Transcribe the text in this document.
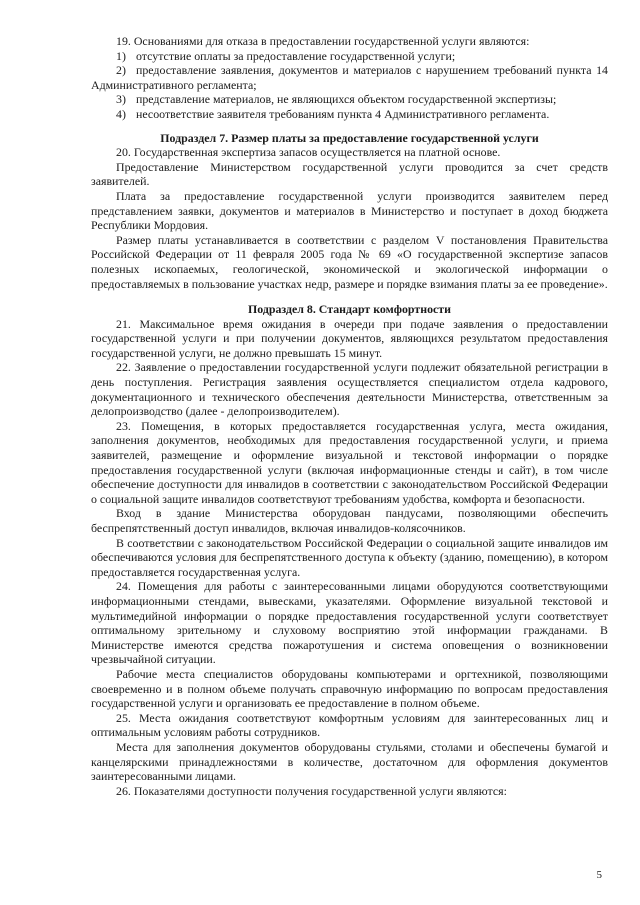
19. Основаниями для отказа в предоставлении государственной услуги являются:

1) отсутствие оплаты за предоставление государственной услуги;

2) предоставление заявления, документов и материалов с нарушением требований пункта 14 Административного регламента;

3) представление материалов, не являющихся объектом государственной экспертизы;

4) несоответствие заявителя требованиям пункта 4 Административного регламента.

Подраздел 7. Размер платы за предоставление государственной услуги

20. Государственная экспертиза запасов осуществляется на платной основе.

Предоставление Министерством государственной услуги проводится за счет средств заявителей.

Плата за предоставление государственной услуги производится заявителем перед представлением заявки, документов и материалов в Министерство и поступает в доход бюджета Республики Мордовия.

Размер платы устанавливается в соответствии с разделом V постановления Правительства Российской Федерации от 11 февраля 2005 года № 69 «О государственной экспертизе запасов полезных ископаемых, геологической, экономической и экологической информации о предоставляемых в пользование участках недр, размере и порядке взимания платы за ее проведение».

Подраздел 8. Стандарт комфортности

21. Максимальное время ожидания в очереди при подаче заявления о предоставлении государственной услуги и при получении документов, являющихся результатом предоставления государственной услуги, не должно превышать 15 минут.

22. Заявление о предоставлении государственной услуги подлежит обязательной регистрации в день поступления. Регистрация заявления осуществляется специалистом отдела кадрового, документационного и технического обеспечения деятельности Министерства, ответственным за делопроизводство (далее - делопроизводителем).

23. Помещения, в которых предоставляется государственная услуга, места ожидания, заполнения документов, необходимых для предоставления государственной услуги, и приема заявителей, размещение и оформление визуальной и текстовой информации о порядке предоставления государственной услуги (включая информационные стенды и сайт), в том числе обеспечение доступности для инвалидов в соответствии с законодательством Российской Федерации о социальной защите инвалидов соответствуют требованиям удобства, комфорта и безопасности.

Вход в здание Министерства оборудован пандусами, позволяющими обеспечить беспрепятственный доступ инвалидов, включая инвалидов-колясочников.

В соответствии с законодательством Российской Федерации о социальной защите инвалидов им обеспечиваются условия для беспрепятственного доступа к объекту (зданию, помещению), в котором предоставляется государственная услуга.

24. Помещения для работы с заинтересованными лицами оборудуются соответствующими информационными стендами, вывесками, указателями. Оформление визуальной текстовой и мультимедийной информации о порядке предоставления государственной услуги соответствует оптимальному зрительному и слуховому восприятию этой информации гражданами. В Министерстве имеются средства пожаротушения и система оповещения о возникновении чрезвычайной ситуации.

Рабочие места специалистов оборудованы компьютерами и оргтехникой, позволяющими своевременно и в полном объеме получать справочную информацию по вопросам предоставления государственной услуги и организовать ее предоставление в полном объеме.

25. Места ожидания соответствуют комфортным условиям для заинтересованных лиц и оптимальным условиям работы сотрудников.

Места для заполнения документов оборудованы стульями, столами и обеспечены бумагой и канцелярскими принадлежностями в количестве, достаточном для оформления документов заинтересованными лицами.

26. Показателями доступности получения государственной услуги являются:

5
